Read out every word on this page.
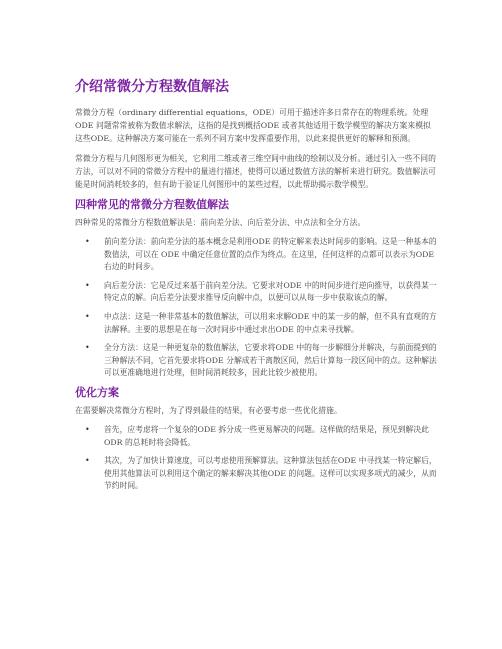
介绍常微分方程数值解法

常微分方程（ordinary differential equations，ODE）可用于描述许多日常存在的物理系统。处理ODE 问题常常被称为数值求解法，这指的是找到概括ODE 或者其他适用于数学模型的解决方案来模拟这些ODE。这种解决方案可能在一系列不同方案中发挥重要作用，以此来提供更好的解释和预测。

常微分方程与几何图形更为相关，它利用二维或者三维空间中曲线的绘制以及分析。通过引入一些不同的方法，可以对不同的常微分方程中的量进行描述，使得可以通过数值方法的解析来进行研究。数值解法可能是时间消耗较多的，但有助于验证几何图形中的某些过程，以此帮助揭示数学模型。

四种常见的常微分方程数值解法

四种常见的常微分方程数值解法是：前向差分法、向后差分法、中点法和全分方法。

• 前向差分法：前向差分法的基本概念是利用ODE 的特定解来表达时间步的影响。这是一种基本的数值法，可以在 ODE 中确定任意位置的点作为终点。在这里，任何这样的点都可以表示为ODE 右边的时间步。
• 向后差分法：它是反过来基于前向差分法。它要求对ODE 中的时间步进行逆向推导，以获得某一特定点的解。向后差分法要求推导反向解中点，以便可以从每一步中获取该点的解。
• 中点法：这是一种非常基本的数值解法，可以用来求解ODE 中的某一步的解，但不具有直观的方法解释。主要的思想是在每一次时间步中通过求出ODE 的中点来寻找解。
• 全分方法：这是一种更复杂的数值解法，它要求将ODE 中的每一步解细分并解决，与前面提到的三种解法不同，它首先要求将ODE 分解成若干离散区间，然后计算每一段区间中的点。这种解法可以更准确地进行处理，但时间消耗较多，因此比较少被使用。
优化方案

在需要解决常微分方程时，为了得到最佳的结果，有必要考虑一些优化措施。

• 首先，应考虑将一个复杂的ODE 拆分成一些更易解决的问题。这样做的结果是，预见到解决此ODR 的总耗时将会降低。
• 其次，为了加快计算速度，可以考虑使用预解算法。这种算法包括在ODE 中寻找某一特定解后，使用其他算法可以利用这个确定的解来解决其他ODE 的问题。这样可以实现多项式的减少，从而节约时间。
